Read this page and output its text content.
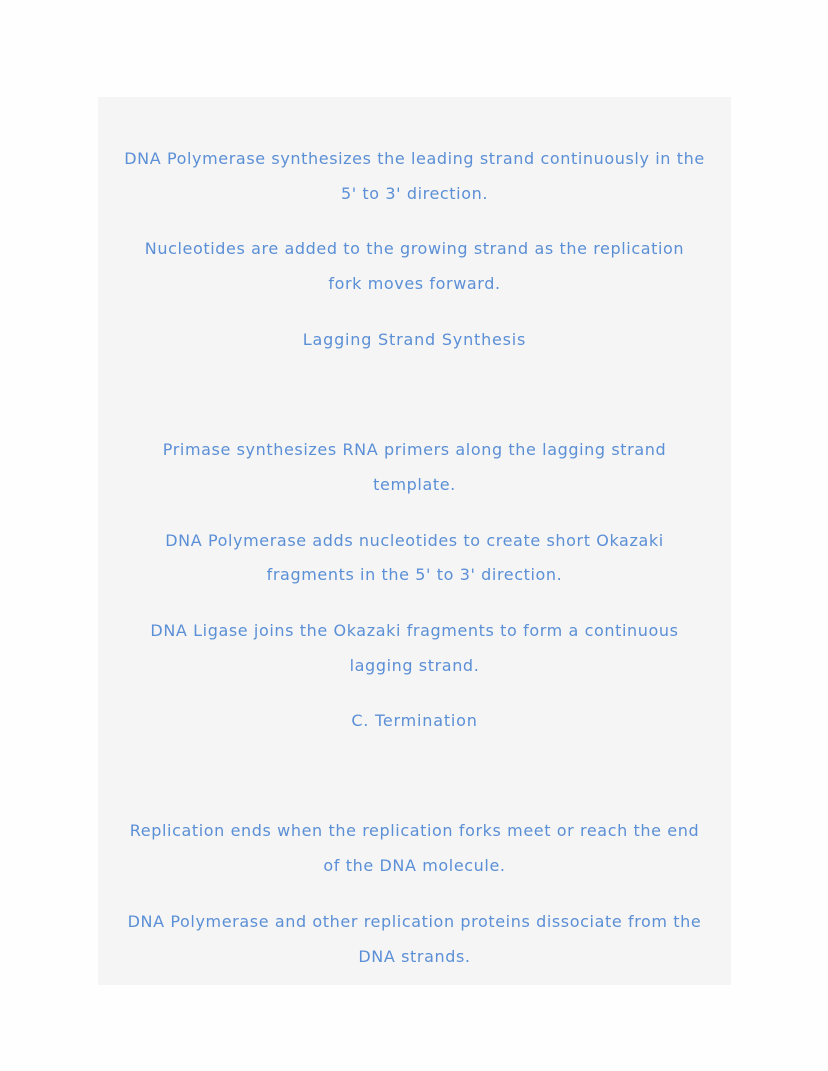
DNA Polymerase synthesizes the leading strand continuously in the
5' to 3' direction.
Nucleotides are added to the growing strand as the replication
fork moves forward.
Lagging Strand Synthesis
Primase synthesizes RNA primers along the lagging strand
template.
DNA Polymerase adds nucleotides to create short Okazaki
fragments in the 5' to 3' direction.
DNA Ligase joins the Okazaki fragments to form a continuous
lagging strand.
C. Termination
Replication ends when the replication forks meet or reach the end
of the DNA molecule.
DNA Polymerase and other replication proteins dissociate from the
DNA strands.
